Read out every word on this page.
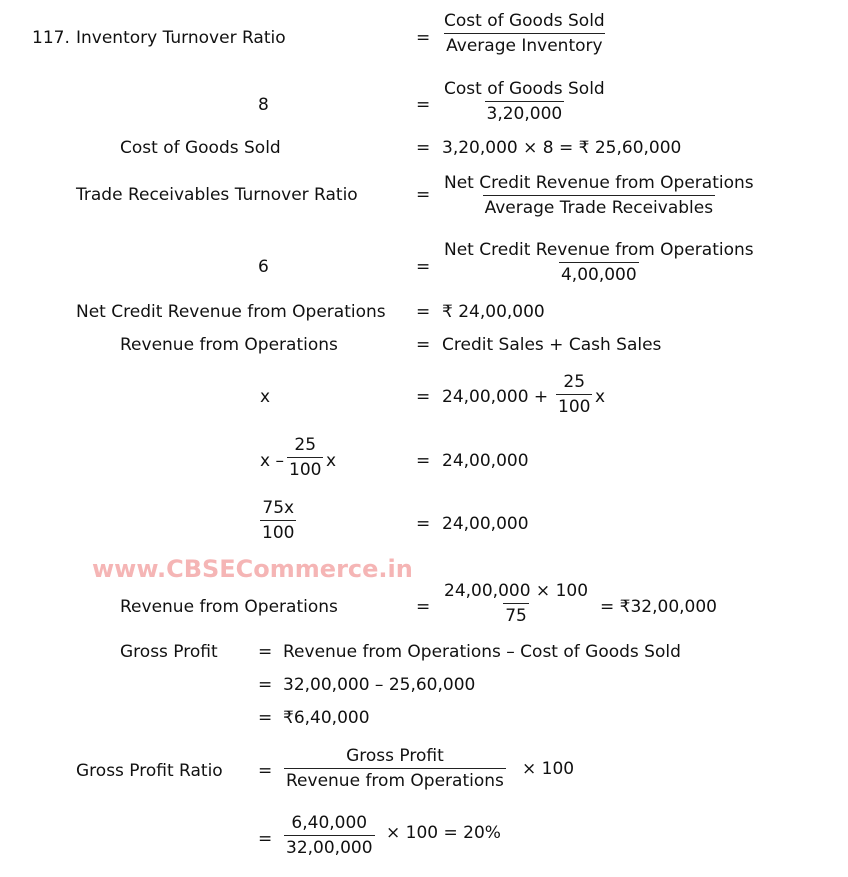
117. Inventory Turnover Ratio	=
Cost of Goods Sold
Average Inventory
8	=
Cost of Goods Sold
3,20,000
Cost of Goods Sold	= 3,20,000 × 8 = ₹ 25,60,000
Trade Receivables Turnover Ratio	=
Net Credit Revenue from Operations
Average Trade Receivables
6	=
Net Credit Revenue from Operations
4,00,000
Net Credit Revenue from Operations = ₹ 24,00,000
Revenue from Operations	= Credit Sales + Cash Sales
x	= $24,00,000 + \frac{25}{100}$ x
x – $\frac{25}{100}$ x	= 24,00,000
$\frac{75x}{100}$	= 24,00,000
www.CBSECommerce.in
Revenue from Operations	= $\frac{24,00,000 \times 100}{75}$ = ₹32,00,000
Gross Profit = Revenue from Operations – Cost of Goods Sold
= 32,00,000 – 25,60,000
= ₹6,40,000
Gross Profit Ratio =
Gross Profit
Revenue from Operations
× 100
= $\frac{6,40,000}{32,00,000} \times 100 = 20\%$
